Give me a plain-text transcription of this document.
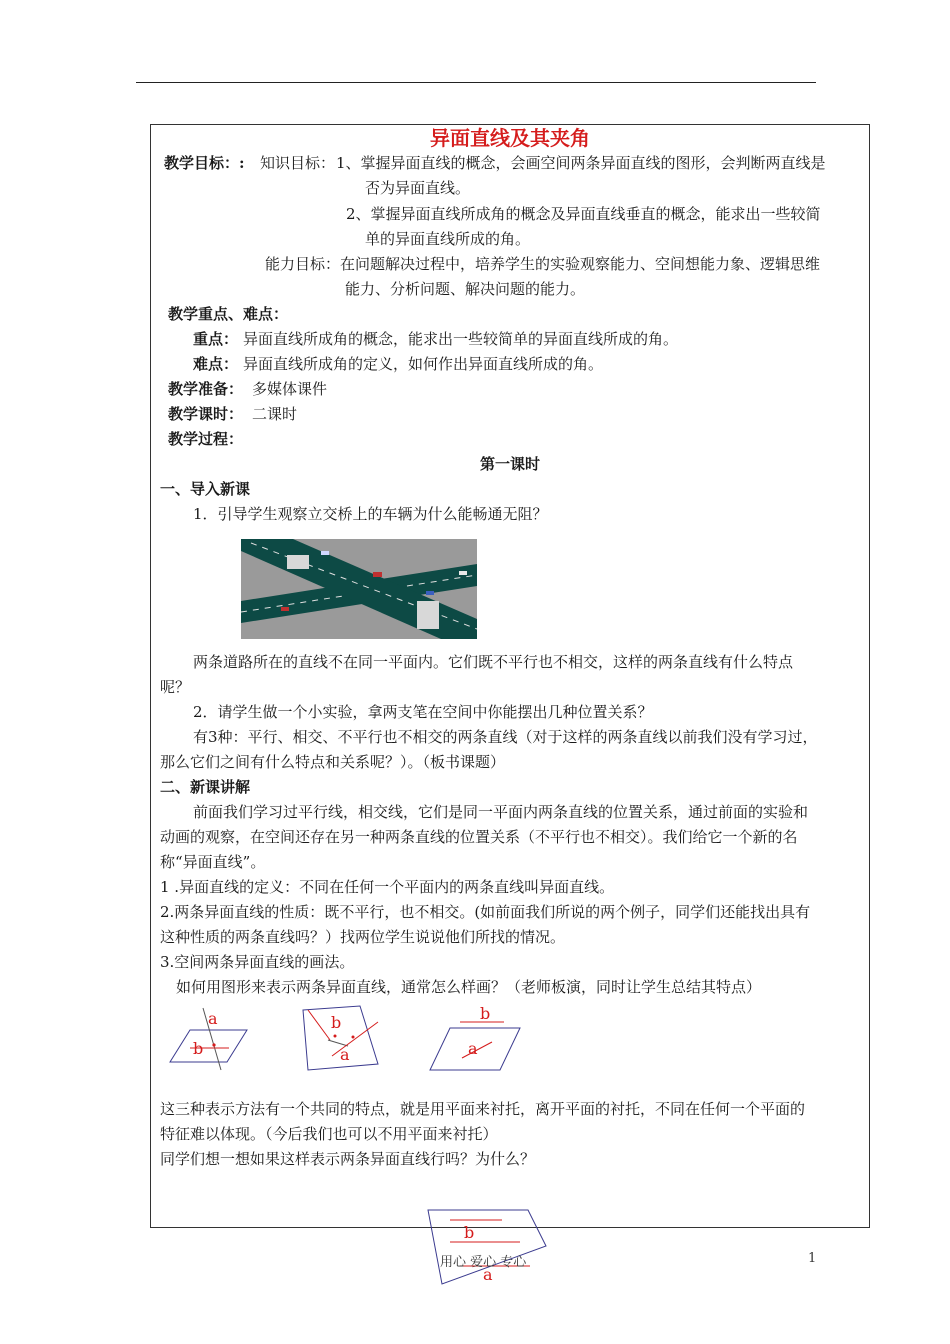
异面直线及其夹角
教学目标：: 知识目标： 1、掌握异面直线的概念，会画空间两条异面直线的图形，会判断两直线是
否为异面直线。
2、掌握异面直线所成角的概念及异面直线垂直的概念，能求出一些较简
单的异面直线所成的角。
能力目标：在问题解决过程中，培养学生的实验观察能力、空间想能力象、逻辑思维
能力、分析问题、解决问题的能力。
教学重点、难点：
重点： 异面直线所成角的概念，能求出一些较简单的异面直线所成的角。
难点： 异面直线所成角的定义，如何作出异面直线所成的角。
教学准备： 多媒体课件
教学课时： 二课时
教学过程：
第一课时
一、导入新课
1．引导学生观察立交桥上的车辆为什么能畅通无阻？
两条道路所在的直线不在同一平面内。它们既不平行也不相交，这样的两条直线有什么特点
呢？
2．请学生做一个小实验，拿两支笔在空间中你能摆出几种位置关系？
有3种：平行、相交、不平行也不相交的两条直线（对于这样的两条直线以前我们没有学习过，
那么它们之间有什么特点和关系呢？）。（板书课题）
二、新课讲解
前面我们学习过平行线，相交线，它们是同一平面内两条直线的位置关系，通过前面的实验和
动画的观察，在空间还存在另一种两条直线的位置关系（不平行也不相交）。我们给它一个新的名
称“异面直线”。
1 .异面直线的定义：不同在任何一个平面内的两条直线叫异面直线。
2.两条异面直线的性质：既不平行，也不相交。(如前面我们所说的两个例子，同学们还能找出具有
这种性质的两条直线吗？）找两位学生说说他们所找的情况。
3.空间两条异面直线的画法。
如何用图形来表示两条异面直线，通常怎么样画？（老师板演，同时让学生总结其特点）
a
b
b
a
b
a
这三种表示方法有一个共同的特点，就是用平面来衬托，离开平面的衬托，不同在任何一个平面的
特征难以体现。（今后我们也可以不用平面来衬托）
同学们想一想如果这样表示两条异面直线行吗？为什么？
b
a
用心 爱心 专心	1
